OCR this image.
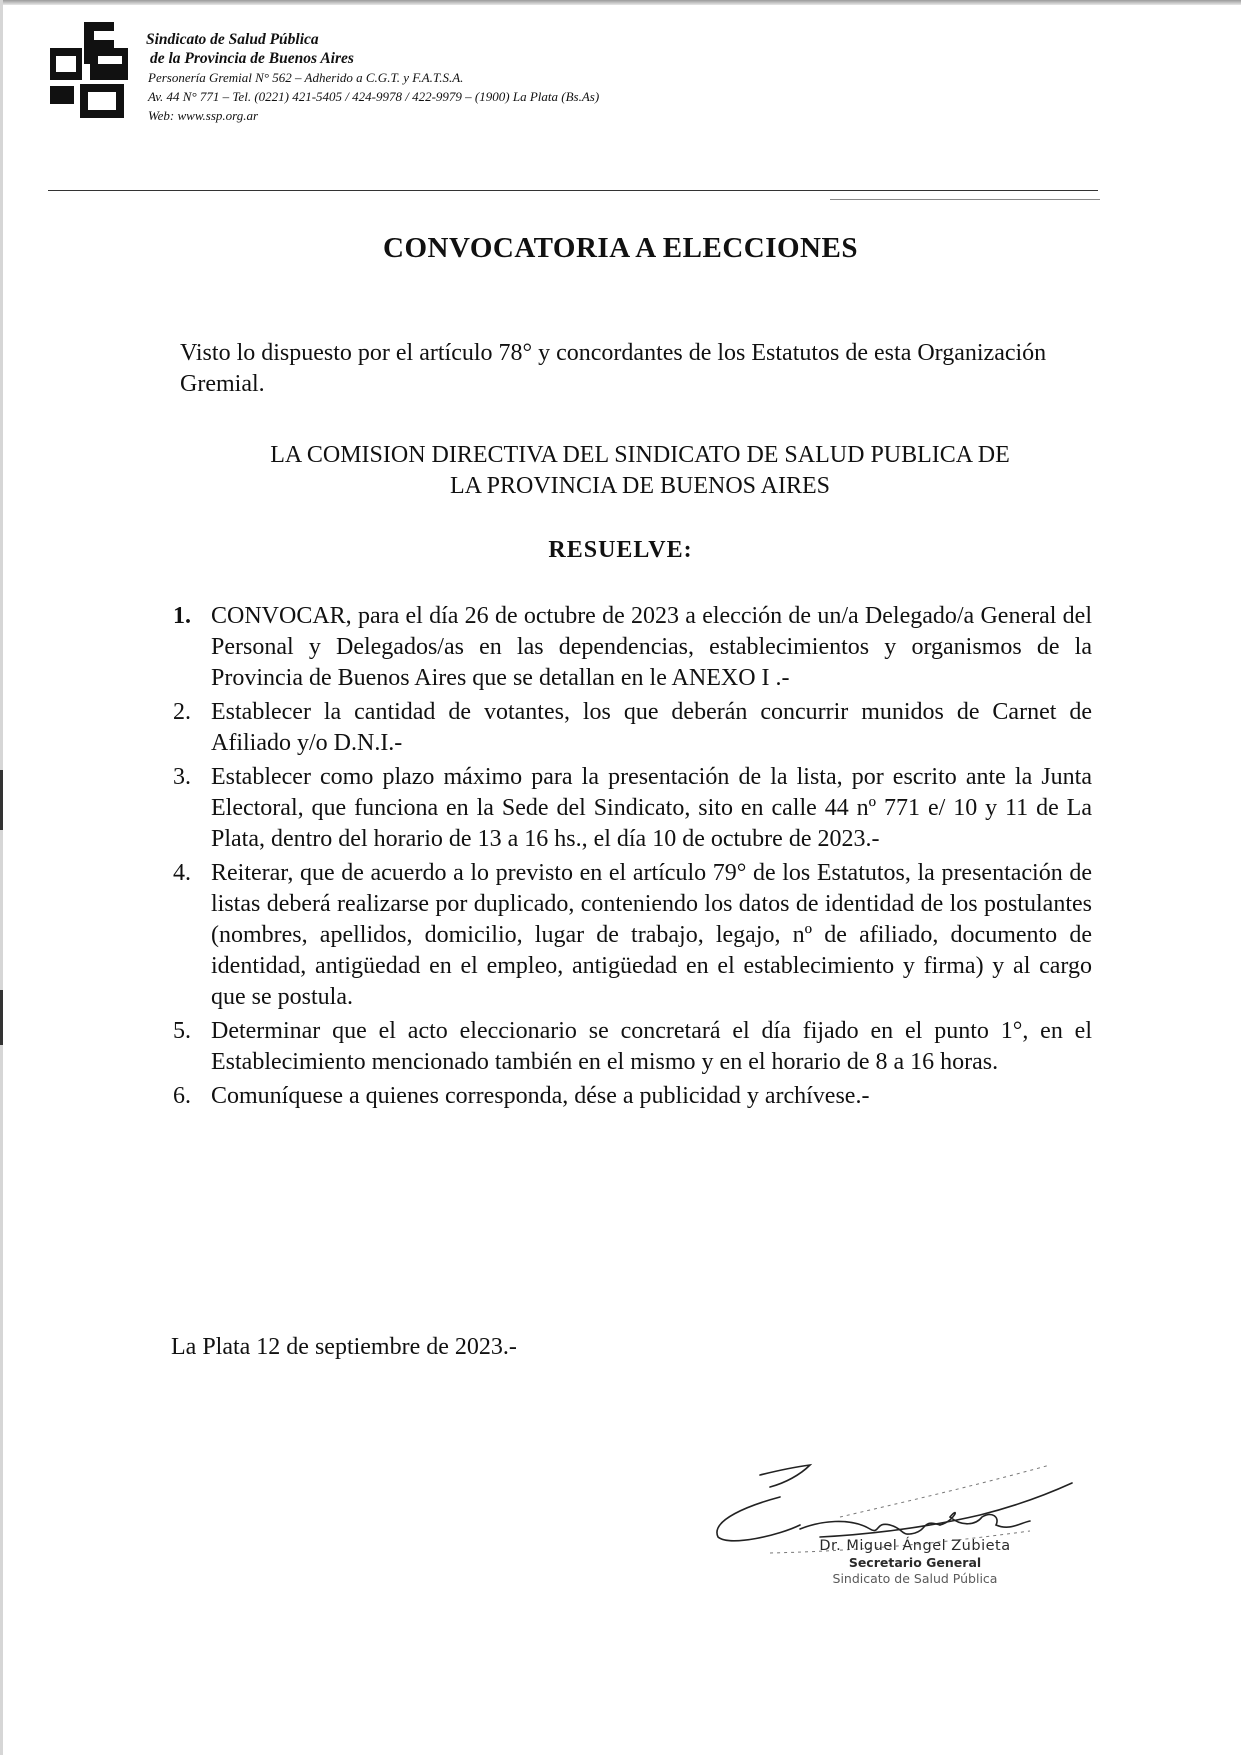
Sindicato de Salud Pública
de la Provincia de Buenos Aires
Personería Gremial N° 562 – Adherido a C.G.T. y F.A.T.S.A.
Av. 44 N° 771 – Tel. (0221) 421-5405 / 424-9978 / 422-9979 – (1900) La Plata (Bs.As)
Web: www.ssp.org.ar
CONVOCATORIA A ELECCIONES
Visto lo dispuesto por el artículo 78° y concordantes de los Estatutos de esta Organización Gremial.
LA COMISION DIRECTIVA DEL SINDICATO DE SALUD PUBLICA DE
LA PROVINCIA DE BUENOS AIRES
RESUELVE:
1. CONVOCAR, para el día 26 de octubre de 2023 a elección de un/a Delegado/a General del Personal y Delegados/as en las dependencias, establecimientos y organismos de la Provincia de Buenos Aires que se detallan en le ANEXO I .-
2. Establecer la cantidad de votantes, los que deberán concurrir munidos de Carnet de Afiliado y/o D.N.I.-
3. Establecer como plazo máximo para la presentación de la lista, por escrito ante la Junta Electoral, que funciona en la Sede del Sindicato, sito en calle 44 nº 771 e/ 10 y 11 de La Plata, dentro del horario de 13 a 16 hs., el día 10 de octubre de 2023.-
4. Reiterar, que de acuerdo a lo previsto en el artículo 79° de los Estatutos, la presentación de listas deberá realizarse por duplicado, conteniendo los datos de identidad de los postulantes (nombres, apellidos, domicilio, lugar de trabajo, legajo, nº de afiliado, documento de identidad, antigüedad en el empleo, antigüedad en el establecimiento y firma) y al cargo que se postula.
5. Determinar que el acto eleccionario se concretará el día fijado en el punto 1°, en el Establecimiento mencionado también en el mismo y en el horario de 8 a 16 horas.
6. Comuníquese a quienes corresponda, dése a publicidad y archívese.-
La Plata 12 de septiembre de 2023.-
Dr. Miguel Ángel Zubieta
Secretario General
Sindicato de Salud Pública
